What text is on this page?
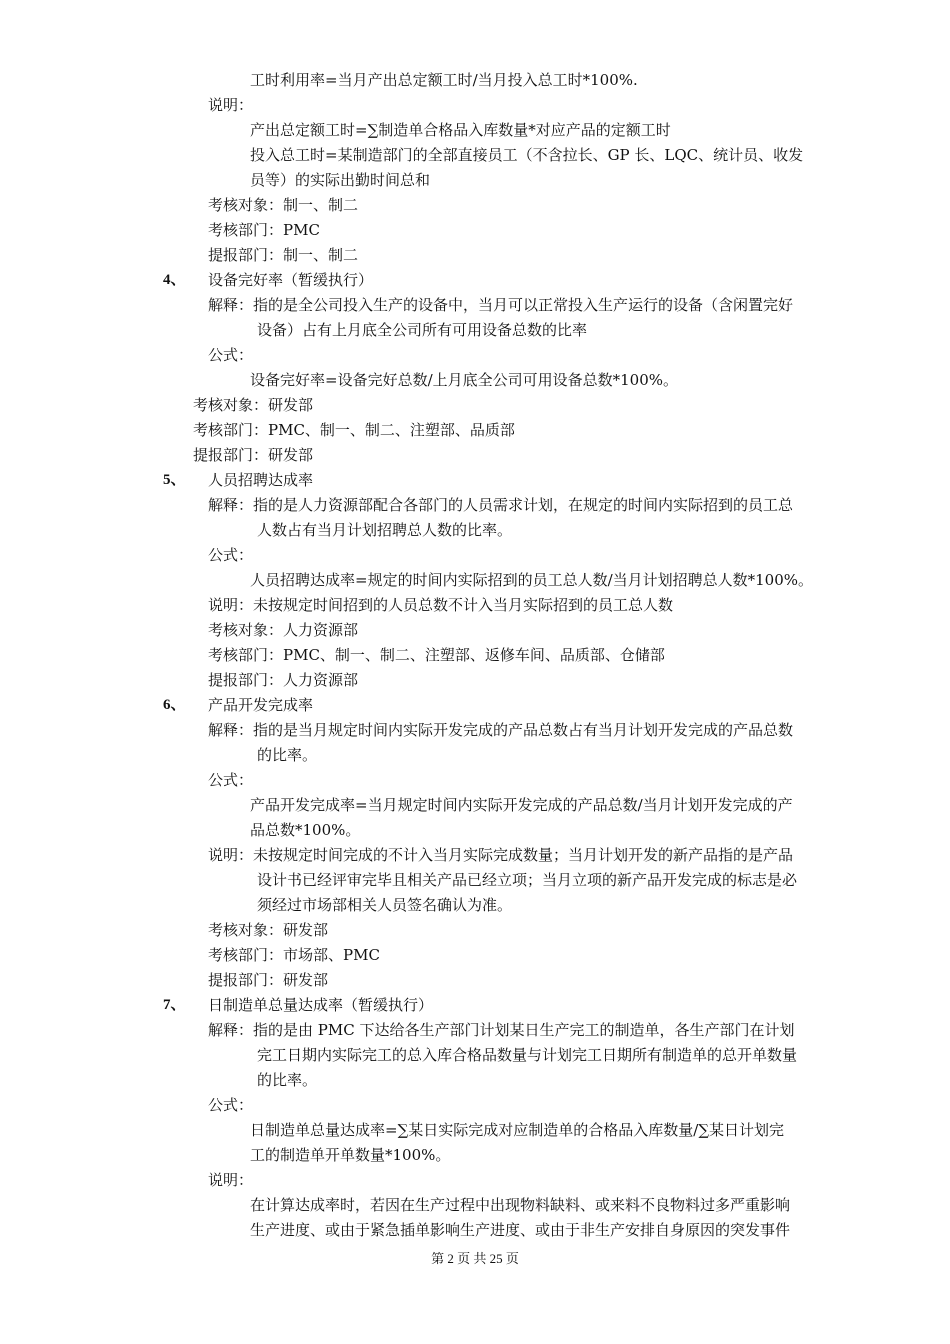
工时利用率=当月产出总定额工时/当月投入总工时*100%.

说明：

产出总定额工时=∑制造单合格品入库数量*对应产品的定额工时

投入总工时=某制造部门的全部直接员工（不含拉长、GP 长、LQC、统计员、收发

员等）的实际出勤时间总和

考核对象：制一、制二

考核部门：PMC

提报部门：制一、制二

4、 设备完好率（暂缓执行）

解释：指的是全公司投入生产的设备中，当月可以正常投入生产运行的设备（含闲置完好

设备）占有上月底全公司所有可用设备总数的比率

公式：

设备完好率=设备完好总数/上月底全公司可用设备总数*100%。

考核对象：研发部

考核部门：PMC、制一、制二、注塑部、品质部

提报部门：研发部

5、 人员招聘达成率

解释：指的是人力资源部配合各部门的人员需求计划，在规定的时间内实际招到的员工总

人数占有当月计划招聘总人数的比率。

公式：

人员招聘达成率=规定的时间内实际招到的员工总人数/当月计划招聘总人数*100%。

说明：未按规定时间招到的人员总数不计入当月实际招到的员工总人数

考核对象：人力资源部

考核部门：PMC、制一、制二、注塑部、返修车间、品质部、仓储部

提报部门：人力资源部

6、 产品开发完成率

解释：指的是当月规定时间内实际开发完成的产品总数占有当月计划开发完成的产品总数

的比率。

公式：

产品开发完成率=当月规定时间内实际开发完成的产品总数/当月计划开发完成的产

品总数*100%。

说明：未按规定时间完成的不计入当月实际完成数量；当月计划开发的新产品指的是产品

设计书已经评审完毕且相关产品已经立项；当月立项的新产品开发完成的标志是必

须经过市场部相关人员签名确认为准。

考核对象：研发部

考核部门：市场部、PMC

提报部门：研发部

7、 日制造单总量达成率（暂缓执行）

解释：指的是由 PMC 下达给各生产部门计划某日生产完工的制造单，各生产部门在计划

完工日期内实际完工的总入库合格品数量与计划完工日期所有制造单的总开单数量

的比率。

公式：

日制造单总量达成率=∑某日实际完成对应制造单的合格品入库数量/∑某日计划完

工的制造单开单数量*100%。

说明：

在计算达成率时，若因在生产过程中出现物料缺料、或来料不良物料过多严重影响

生产进度、或由于紧急插单影响生产进度、或由于非生产安排自身原因的突发事件

第 2 页 共 25 页
